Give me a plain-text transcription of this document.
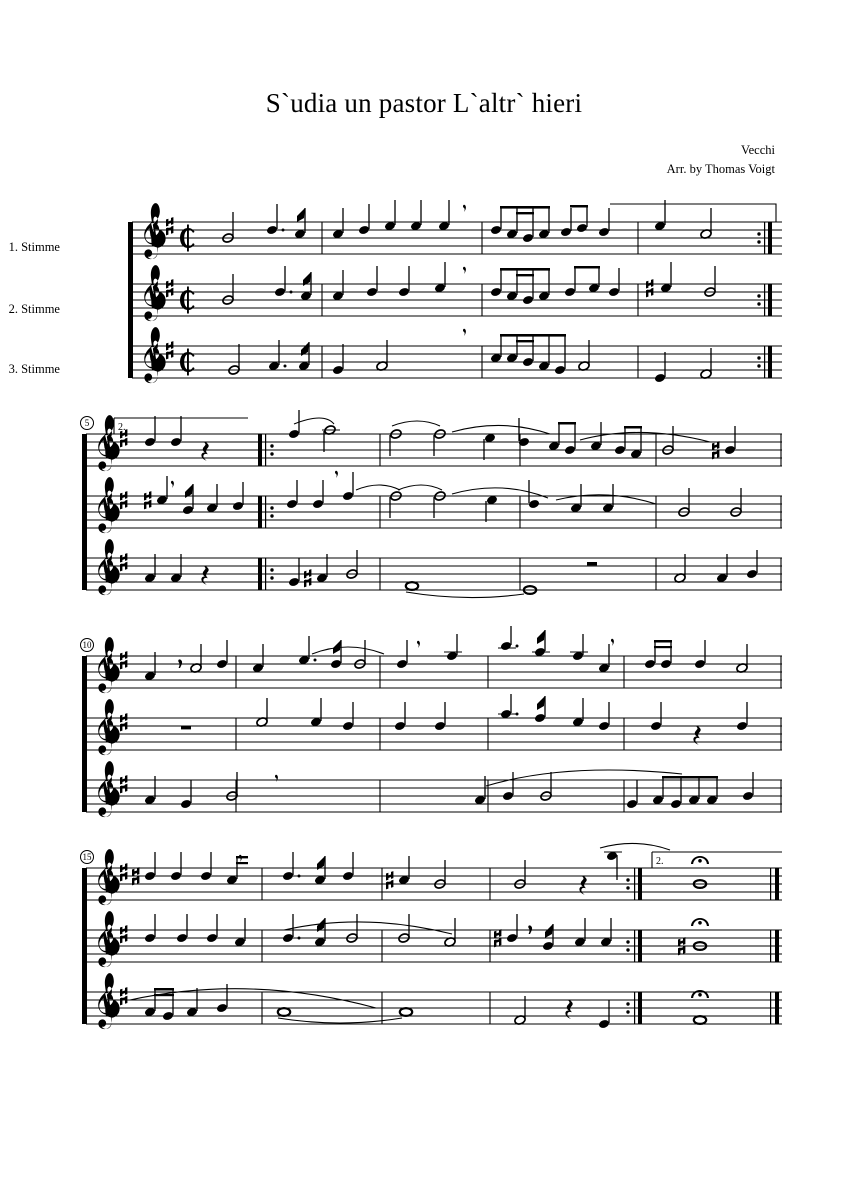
S`udia un pastor L`altr` hieri
Vecchi
Arr. by Thomas Voigt
1. Stimme
2. Stimme
3. Stimme
5
10
15
2.
2.
